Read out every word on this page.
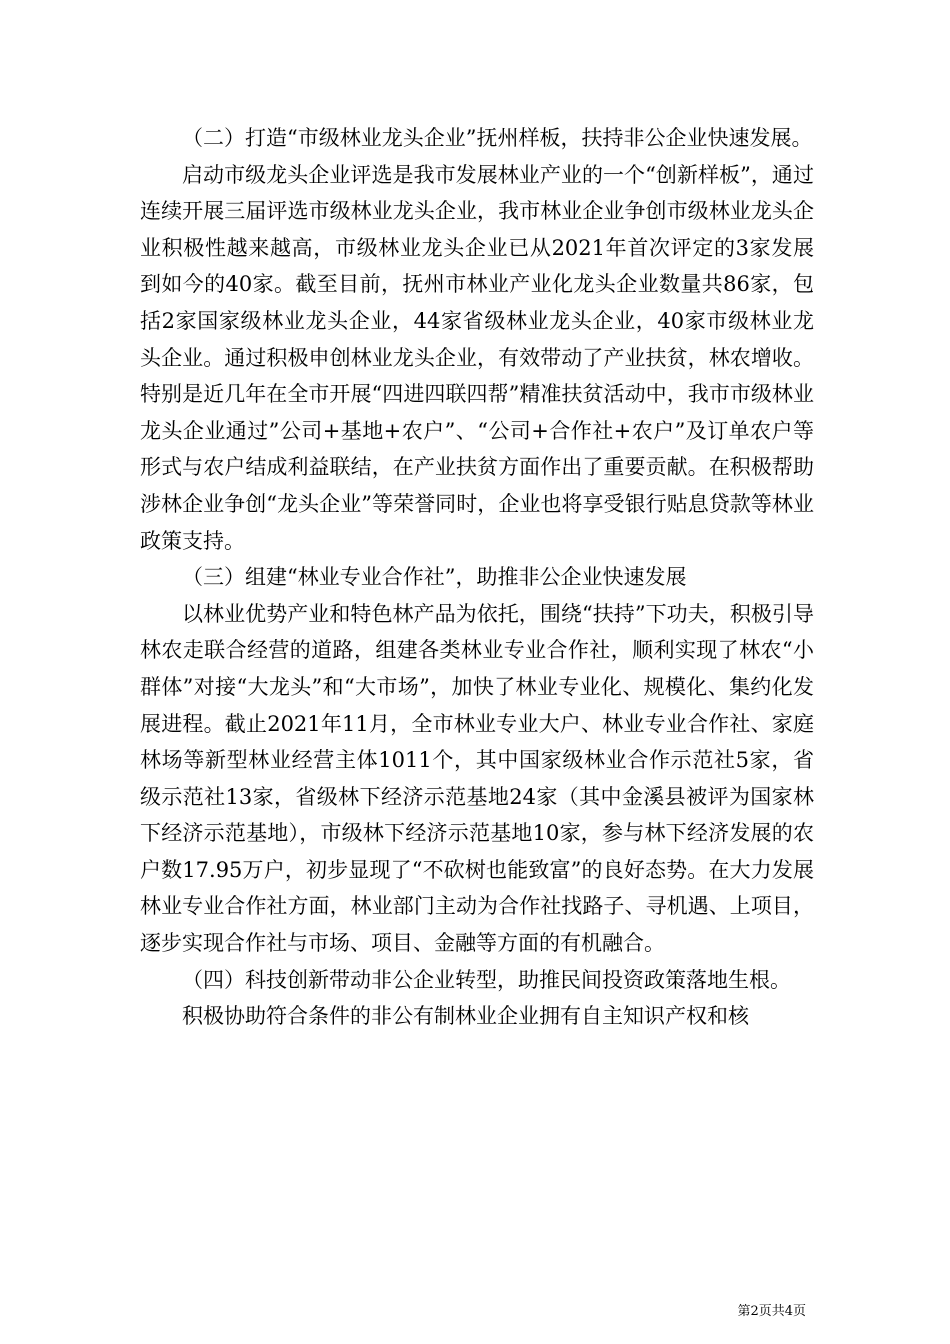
（二）打造“市级林业龙头企业”抚州样板，扶持非公企业快速发展。

启动市级龙头企业评选是我市发展林业产业的一个“创新样板”，通过连续开展三届评选市级林业龙头企业，我市林业企业争创市级林业龙头企业积极性越来越高，市级林业龙头企业已从2021年首次评定的3家发展到如今的40家。截至目前，抚州市林业产业化龙头企业数量共86家，包括2家国家级林业龙头企业，44家省级林业龙头企业，40家市级林业龙头企业。通过积极申创林业龙头企业，有效带动了产业扶贫，林农增收。特别是近几年在全市开展“四进四联四帮”精准扶贫活动中，我市市级林业龙头企业通过”公司+基地+农户”、“公司+合作社+农户”及订单农户等形式与农户结成利益联结，在产业扶贫方面作出了重要贡献。在积极帮助涉林企业争创“龙头企业”等荣誉同时，企业也将享受银行贴息贷款等林业政策支持。

（三）组建“林业专业合作社”，助推非公企业快速发展

以林业优势产业和特色林产品为依托，围绕“扶持”下功夫，积极引导林农走联合经营的道路，组建各类林业专业合作社，顺利实现了林农“小群体”对接“大龙头”和“大市场”，加快了林业专业化、规模化、集约化发展进程。截止2021年11月，全市林业专业大户、林业专业合作社、家庭林场等新型林业经营主体1011个，其中国家级林业合作示范社5家，省级示范社13家，省级林下经济示范基地24家（其中金溪县被评为国家林下经济示范基地），市级林下经济示范基地10家，参与林下经济发展的农户数17.95万户，初步显现了“不砍树也能致富”的良好态势。在大力发展林业专业合作社方面，林业部门主动为合作社找路子、寻机遇、上项目，逐步实现合作社与市场、项目、金融等方面的有机融合。

（四）科技创新带动非公企业转型，助推民间投资政策落地生根。

积极协助符合条件的非公有制林业企业拥有自主知识产权和核

第2页共4页
